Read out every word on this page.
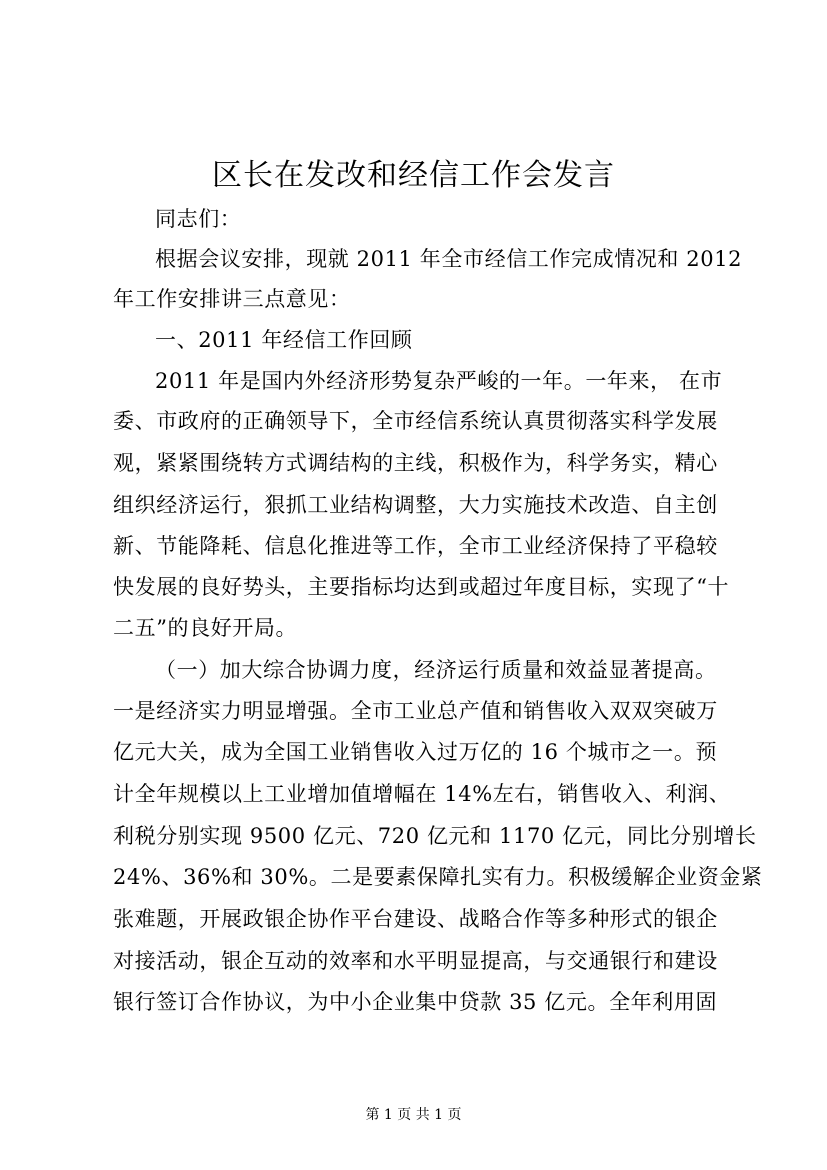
区长在发改和经信工作会发言
同志们：
根据会议安排，现就 2011 年全市经信工作完成情况和 2012
年工作安排讲三点意见：
一、2011 年经信工作回顾
2011 年是国内外经济形势复杂严峻的一年。一年来， 在市
委、市政府的正确领导下，全市经信系统认真贯彻落实科学发展
观，紧紧围绕转方式调结构的主线，积极作为，科学务实，精心
组织经济运行，狠抓工业结构调整，大力实施技术改造、自主创
新、节能降耗、信息化推进等工作，全市工业经济保持了平稳较
快发展的良好势头，主要指标均达到或超过年度目标，实现了“十
二五”的良好开局。
（一）加大综合协调力度，经济运行质量和效益显著提高。
一是经济实力明显增强。全市工业总产值和销售收入双双突破万
亿元大关，成为全国工业销售收入过万亿的 16 个城市之一。预
计全年规模以上工业增加值增幅在 14%左右，销售收入、利润、
利税分别实现 9500 亿元、720 亿元和 1170 亿元，同比分别增长
24%、36%和 30%。二是要素保障扎实有力。积极缓解企业资金紧
张难题，开展政银企协作平台建设、战略合作等多种形式的银企
对接活动，银企互动的效率和水平明显提高，与交通银行和建设
银行签订合作协议，为中小企业集中贷款 35 亿元。全年利用固
第 1 页 共 1 页
